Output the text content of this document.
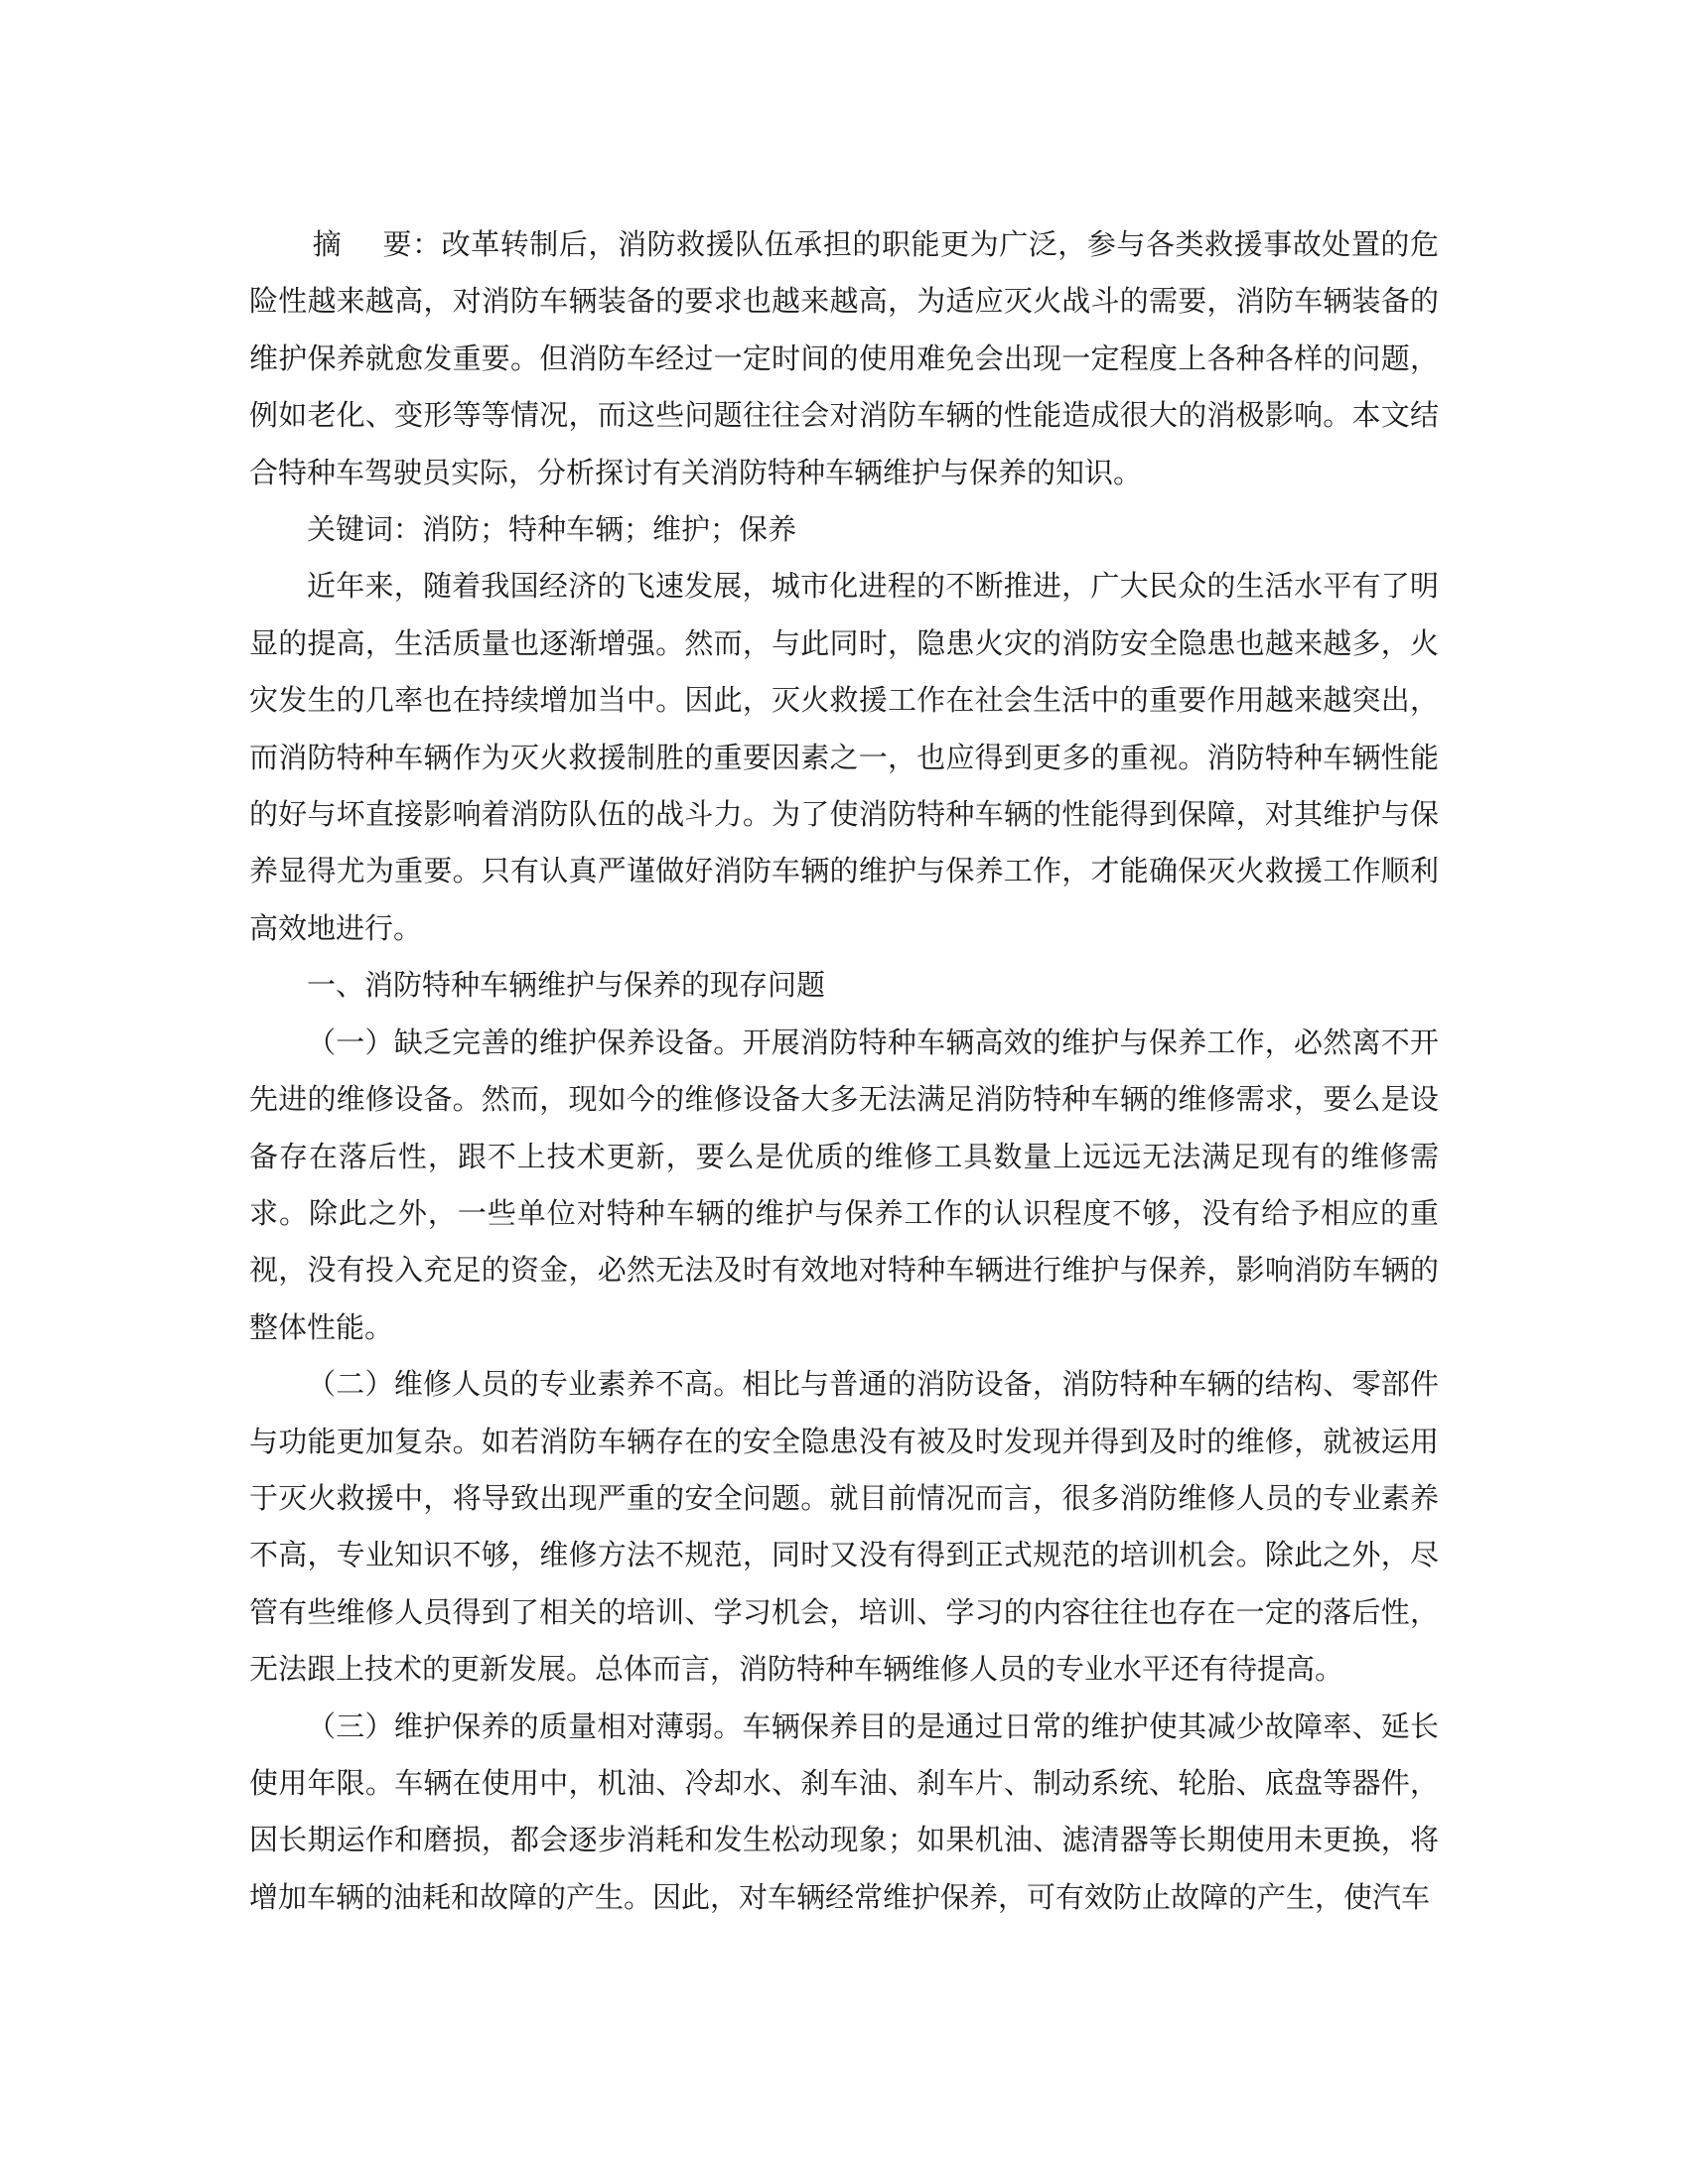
摘 要：改革转制后，消防救援队伍承担的职能更为广泛，参与各类救援事故处置的危险性越来越高，对消防车辆装备的要求也越来越高，为适应灭火战斗的需要，消防车辆装备的维护保养就愈发重要。但消防车经过一定时间的使用难免会出现一定程度上各种各样的问题，例如老化、变形等等情况，而这些问题往往会对消防车辆的性能造成很大的消极影响。本文结合特种车驾驶员实际，分析探讨有关消防特种车辆维护与保养的知识。

关键词：消防；特种车辆；维护；保养

近年来，随着我国经济的飞速发展，城市化进程的不断推进，广大民众的生活水平有了明显的提高，生活质量也逐渐增强。然而，与此同时，隐患火灾的消防安全隐患也越来越多，火灾发生的几率也在持续增加当中。因此，灭火救援工作在社会生活中的重要作用越来越突出，而消防特种车辆作为灭火救援制胜的重要因素之一，也应得到更多的重视。消防特种车辆性能的好与坏直接影响着消防队伍的战斗力。为了使消防特种车辆的性能得到保障，对其维护与保养显得尤为重要。只有认真严谨做好消防车辆的维护与保养工作，才能确保灭火救援工作顺利高效地进行。

一、消防特种车辆维护与保养的现存问题

（一）缺乏完善的维护保养设备。开展消防特种车辆高效的维护与保养工作，必然离不开先进的维修设备。然而，现如今的维修设备大多无法满足消防特种车辆的维修需求，要么是设备存在落后性，跟不上技术更新，要么是优质的维修工具数量上远远无法满足现有的维修需求。除此之外，一些单位对特种车辆的维护与保养工作的认识程度不够，没有给予相应的重视，没有投入充足的资金，必然无法及时有效地对特种车辆进行维护与保养，影响消防车辆的整体性能。

（二）维修人员的专业素养不高。相比与普通的消防设备，消防特种车辆的结构、零部件与功能更加复杂。如若消防车辆存在的安全隐患没有被及时发现并得到及时的维修，就被运用于灭火救援中，将导致出现严重的安全问题。就目前情况而言，很多消防维修人员的专业素养不高，专业知识不够，维修方法不规范，同时又没有得到正式规范的培训机会。除此之外，尽管有些维修人员得到了相关的培训、学习机会，培训、学习的内容往往也存在一定的落后性，无法跟上技术的更新发展。总体而言，消防特种车辆维修人员的专业水平还有待提高。

（三）维护保养的质量相对薄弱。车辆保养目的是通过日常的维护使其减少故障率、延长使用年限。车辆在使用中，机油、冷却水、刹车油、刹车片、制动系统、轮胎、底盘等器件，因长期运作和磨损，都会逐步消耗和发生松动现象；如果机油、滤清器等长期使用未更换，将增加车辆的油耗和故障的产生。因此，对车辆经常维护保养，可有效防止故障的产生，使汽车
